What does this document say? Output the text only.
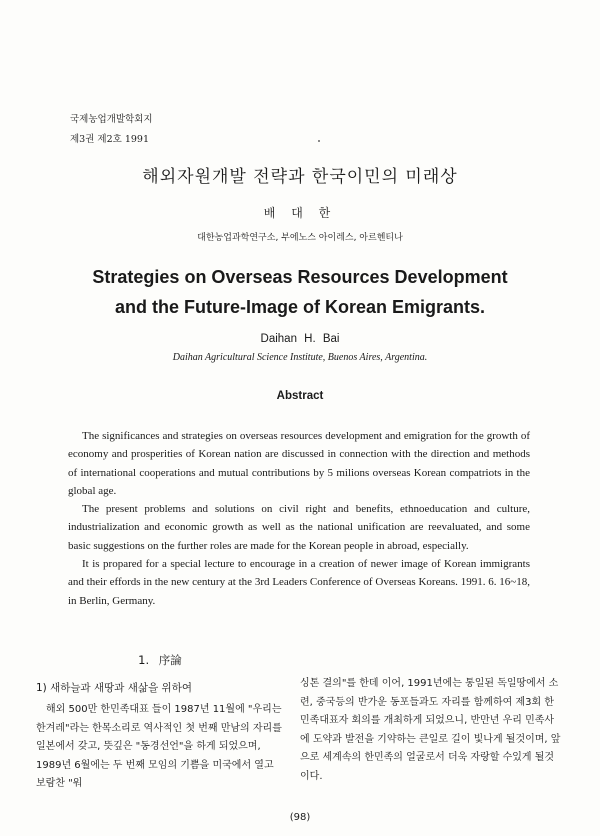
국제농업개발학회지
제3권 제2호 1991
해외자원개발 전략과 한국이민의 미래상
배 대 한
대한농업과학연구소, 부에노스 아이레스, 아르헨티나
Strategies on Overseas Resources Development
and the Future-Image of Korean Emigrants.
Daihan H. Bai
Daihan Agricultural Science Institute, Buenos Aires, Argentina.
Abstract

The significances and strategies on overseas resources development and emigration for the growth of economy and prosperities of Korean nation are discussed in connection with the direction and methods of international cooperations and mutual contributions by 5 milions overseas Korean compatriots in the global age.

The present problems and solutions on civil right and benefits, ethnoeducation and culture, industrialization and economic growth as well as the national unification are reevaluated, and some basic suggestions on the further roles are made for the Korean people in abroad, especially.

It is propared for a special lecture to encourage in a creation of newer image of Korean immigrants and their effords in the new century at the 3rd Leaders Conference of Overseas Koreans. 1991. 6. 16~18, in Berlin, Germany.

1. 序論
1) 새하늘과 새땅과 새삶을 위하여

해외 500만 한민족대표 들이 1987년 11월에 "우리는 한겨레"라는 한목소리로 역사적인 첫 번째 만남의 자리를 일본에서 갖고, 뜻깊은 "동경선언"을 하게 되었으며, 1989년 6월에는 두 번째 모임의 기쁨을 미국에서 열고 보람찬 "워

싱톤 결의"를 한데 이어, 1991년에는 통일된 독일땅에서 소련, 중국등의 반가운 동포들과도 자리를 함께하여 제3회 한민족대표자 회의를 개최하게 되었으니, 반만년 우리 민족사에 도약과 발전을 기약하는 큰일로 길이 빛나게 될것이며, 앞으로 세계속의 한민족의 얼굴로서 더욱 자랑할 수있게 될것이다.

(98)
